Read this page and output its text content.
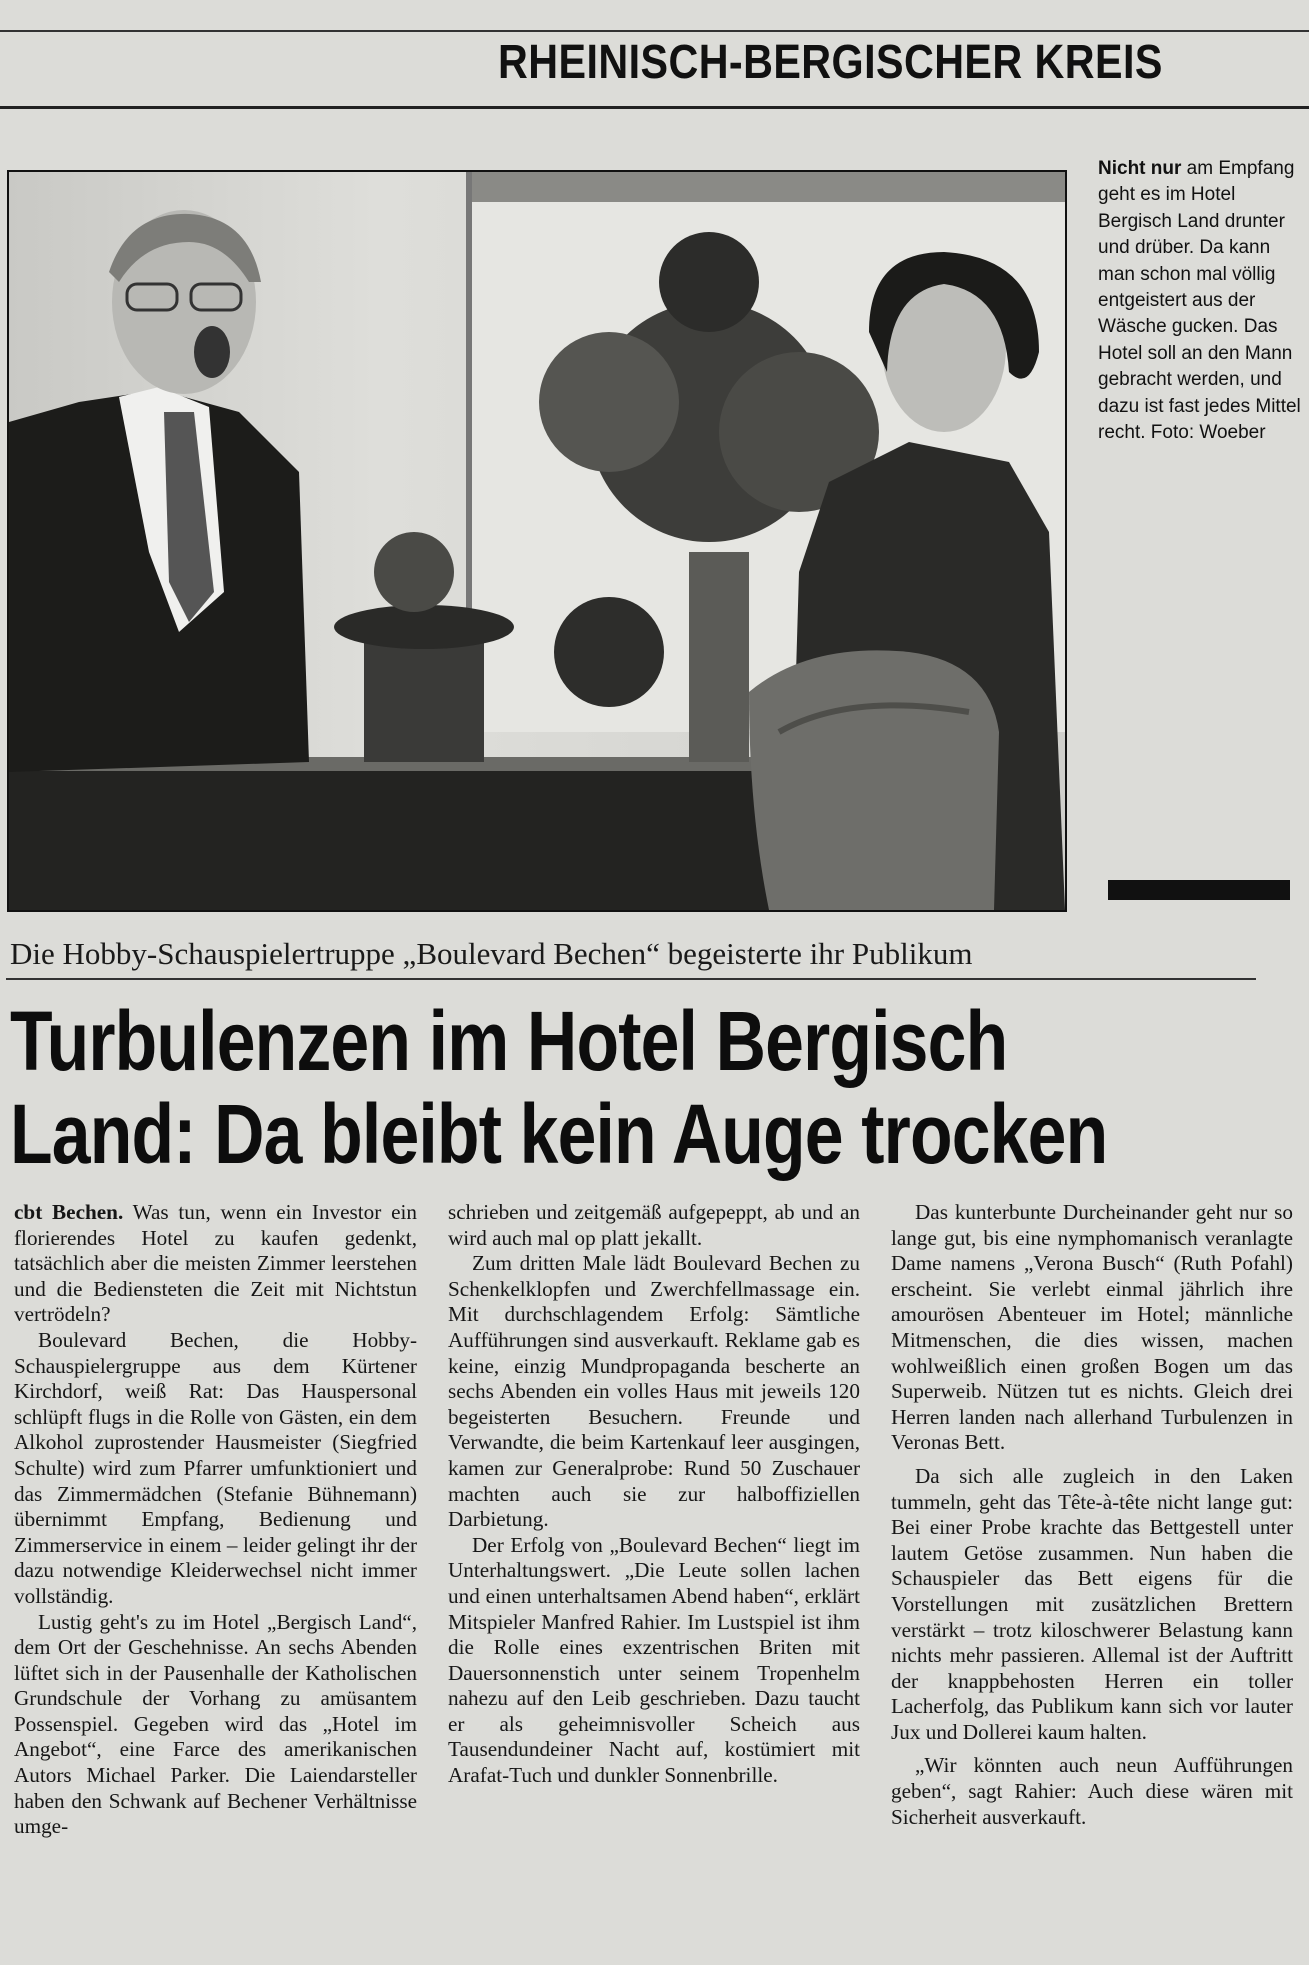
RHEINISCH-BERGISCHER KREIS
Nicht nur am Empfang geht es im Hotel Bergisch Land drunter und drüber. Da kann man schon mal völlig entgeistert aus der Wäsche gucken. Das Hotel soll an den Mann gebracht werden, und dazu ist fast jedes Mittel recht. Foto: Woeber
Die Hobby-Schauspielertruppe „Boulevard Bechen“ begeisterte ihr Publikum
Turbulenzen im Hotel Bergisch
Land: Da bleibt kein Auge trocken

cbt Bechen. Was tun, wenn ein Investor ein florierendes Hotel zu kaufen gedenkt, tatsächlich aber die meisten Zimmer leerstehen und die Bediensteten die Zeit mit Nichtstun vertrödeln?

Boulevard Bechen, die Hobby-Schauspielergruppe aus dem Kürtener Kirchdorf, weiß Rat: Das Hauspersonal schlüpft flugs in die Rolle von Gästen, ein dem Alkohol zuprostender Hausmeister (Siegfried Schulte) wird zum Pfarrer umfunktioniert und das Zimmermädchen (Stefanie Bühnemann) übernimmt Empfang, Bedienung und Zimmerservice in einem – leider gelingt ihr der dazu notwendige Kleiderwechsel nicht immer vollständig.

Lustig geht's zu im Hotel „Bergisch Land“, dem Ort der Geschehnisse. An sechs Abenden lüftet sich in der Pausenhalle der Katholischen Grundschule der Vorhang zu amüsantem Possenspiel. Gegeben wird das „Hotel im Angebot“, eine Farce des amerikanischen Autors Michael Parker. Die Laiendarsteller haben den Schwank auf Bechener Verhältnisse umge-

schrieben und zeitgemäß aufgepeppt, ab und an wird auch mal op platt jekallt.

Zum dritten Male lädt Boulevard Bechen zu Schenkelklopfen und Zwerchfellmassage ein. Mit durchschlagendem Erfolg: Sämtliche Aufführungen sind ausverkauft. Reklame gab es keine, einzig Mundpropaganda bescherte an sechs Abenden ein volles Haus mit jeweils 120 begeisterten Besuchern. Freunde und Verwandte, die beim Kartenkauf leer ausgingen, kamen zur Generalprobe: Rund 50 Zuschauer machten auch sie zur halboffiziellen Darbietung.

Der Erfolg von „Boulevard Bechen“ liegt im Unterhaltungswert. „Die Leute sollen lachen und einen unterhaltsamen Abend haben“, erklärt Mitspieler Manfred Rahier. Im Lustspiel ist ihm die Rolle eines exzentrischen Briten mit Dauersonnenstich unter seinem Tropenhelm nahezu auf den Leib geschrieben. Dazu taucht er als geheimnisvoller Scheich aus Tausendundeiner Nacht auf, kostümiert mit Arafat-Tuch und dunkler Sonnenbrille.

Das kunterbunte Durcheinander geht nur so lange gut, bis eine nymphomanisch veranlagte Dame namens „Verona Busch“ (Ruth Pofahl) erscheint. Sie verlebt einmal jährlich ihre amourösen Abenteuer im Hotel; männliche Mitmenschen, die dies wissen, machen wohlweißlich einen großen Bogen um das Superweib. Nützen tut es nichts. Gleich drei Herren landen nach allerhand Turbulenzen in Veronas Bett.

Da sich alle zugleich in den Laken tummeln, geht das Tête-à-tête nicht lange gut: Bei einer Probe krachte das Bettgestell unter lautem Getöse zusammen. Nun haben die Schauspieler das Bett eigens für die Vorstellungen mit zusätzlichen Brettern verstärkt – trotz kiloschwerer Belastung kann nichts mehr passieren. Allemal ist der Auftritt der knappbehosten Herren ein toller Lacherfolg, das Publikum kann sich vor lauter Jux und Dollerei kaum halten.

„Wir könnten auch neun Aufführungen geben“, sagt Rahier: Auch diese wären mit Sicherheit ausverkauft.
